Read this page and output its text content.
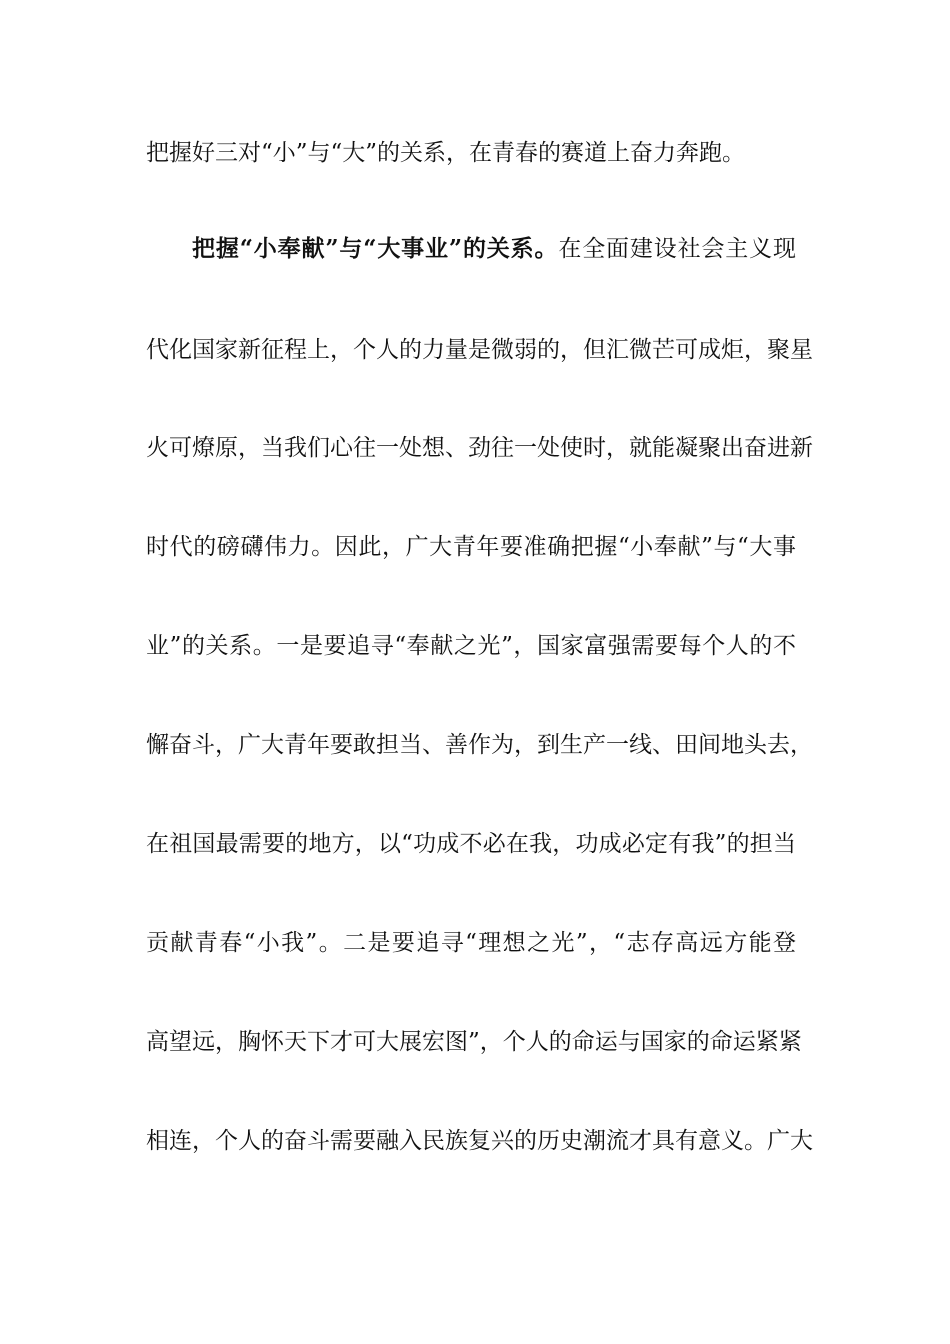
把握好三对“小”与“大”的关系，在青春的赛道上奋力奔跑。
把握“小奉献”与“大事业”的关系。在全面建设社会主义现
代化国家新征程上，个人的力量是微弱的，但汇微芒可成炬，聚星
火可燎原，当我们心往一处想、劲往一处使时，就能凝聚出奋进新
时代的磅礴伟力。因此，广大青年要准确把握“小奉献”与“大事
业”的关系。一是要追寻“奉献之光”，国家富强需要每个人的不
懈奋斗，广大青年要敢担当、善作为，到生产一线、田间地头去，
在祖国最需要的地方，以“功成不必在我，功成必定有我”的担当
贡献青春“小我”。二是要追寻“理想之光”，“志存高远方能登
高望远，胸怀天下才可大展宏图”，个人的命运与国家的命运紧紧
相连，个人的奋斗需要融入民族复兴的历史潮流才具有意义。广大
